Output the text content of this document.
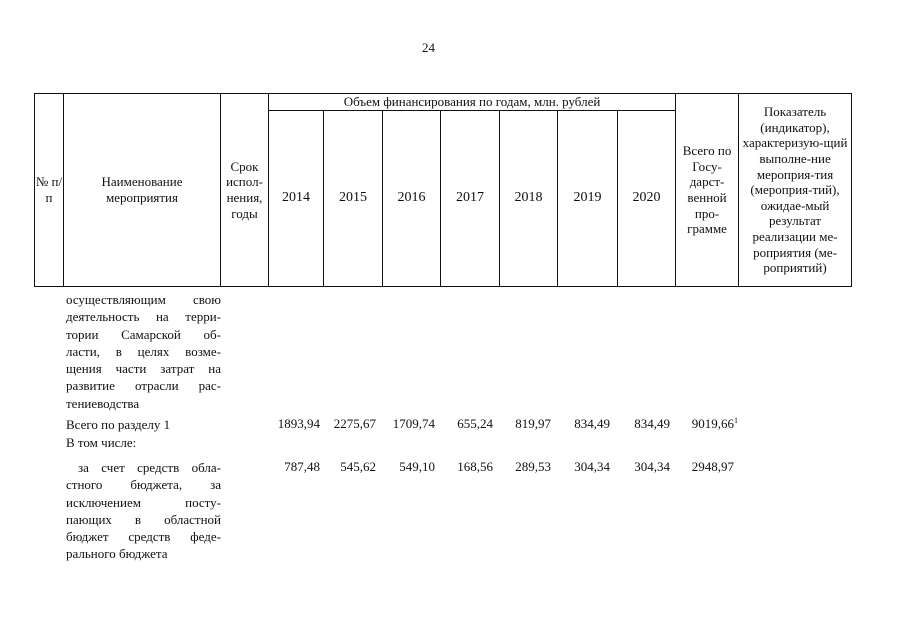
24
№ п/п	Наименование мероприятия	Срок испол-нения, годы	Объем финансирования по годам, млн. рублей							Всего по Госу-дарст-венной про-грамме	Показатель (индикатор), характеризую-щий выполне-ние мероприя-тия (мероприя-тий), ожидае-мый результат реализации ме-роприятия (ме-роприятий)
			2014	2015	2016	2017	2018	2019	2020		
осуществляющим свою
деятельность на терри-
тории Самарской об-
ласти, в целях возме-
щения части затрат на
развитие отрасли рас-
тениеводства
Всего по разделу 1	1893,94 2275,67 1709,74 655,24 819,97 834,49 834,49 9019,66$^1$
В том числе:
за счет средств обла-
стного бюджета, за
исключением посту-
пающих в областной
бюджет средств феде-
рального бюджета
787,48 545,62 549,10 168,56 289,53 304,34 304,34 2948,97
